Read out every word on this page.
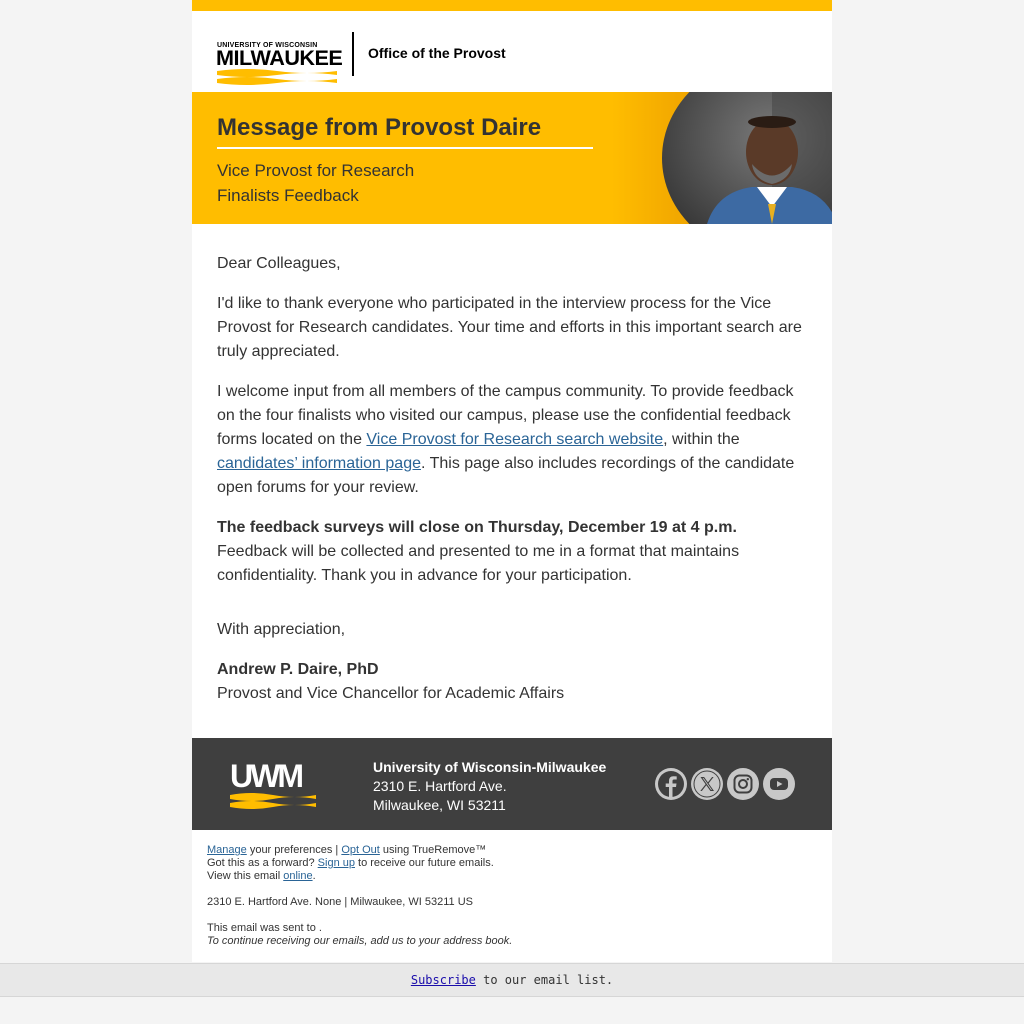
UNIVERSITY OF WISCONSIN
MILWAUKEE Office of the Provost
Message from Provost Daire
Vice Provost for Research
Finalists Feedback

Dear Colleagues,

I'd like to thank everyone who participated in the interview process for the Vice Provost for Research candidates. Your time and efforts in this important search are truly appreciated.

I welcome input from all members of the campus community. To provide feedback on the four finalists who visited our campus, please use the confidential feedback forms located on the Vice Provost for Research search website, within the candidates’ information page. This page also includes recordings of the candidate open forums for your review.

The feedback surveys will close on Thursday, December 19 at 4 p.m. Feedback will be collected and presented to me in a format that maintains confidentiality. Thank you in advance for your participation.

With appreciation,

Andrew P. Daire, PhD
Provost and Vice Chancellor for Academic Affairs

UWM	University of Wisconsin-Milwaukee
2310 E. Hartford Ave.
Milwaukee, WI 53211
Manage your preferences | Opt Out using TrueRemove™
Got this as a forward? Sign up to receive our future emails.
View this email online.
2310 E. Hartford Ave. None | Milwaukee, WI 53211 US
This email was sent to .
To continue receiving our emails, add us to your address book.
Subscribe to our email list.
